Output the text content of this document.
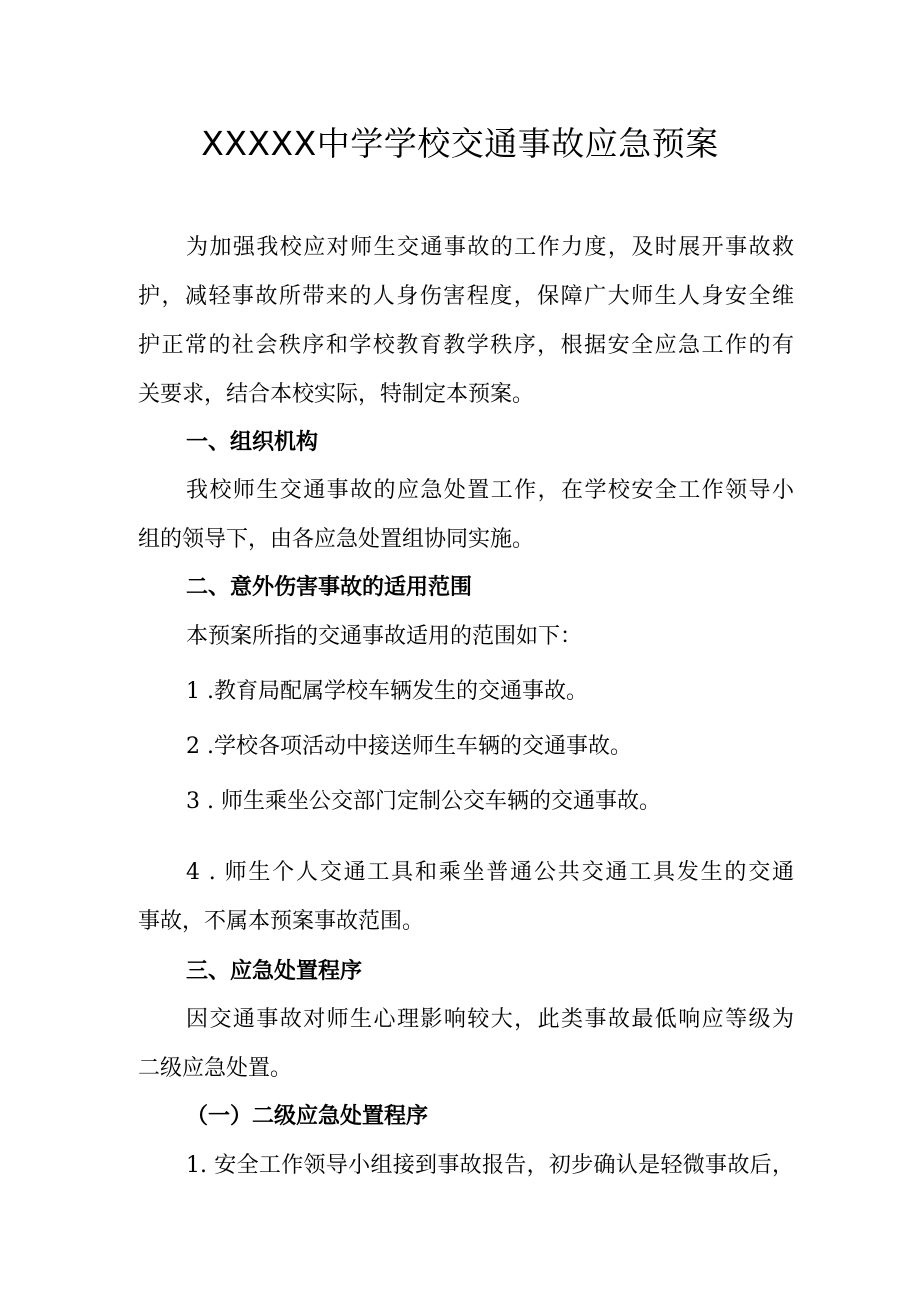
XXXXX中学学校交通事故应急预案
为加强我校应对师生交通事故的工作力度，及时展开事故救
护，减轻事故所带来的人身伤害程度，保障广大师生人身安全维
护正常的社会秩序和学校教育教学秩序，根据安全应急工作的有
关要求，结合本校实际，特制定本预案。
一、组织机构
我校师生交通事故的应急处置工作，在学校安全工作领导小
组的领导下，由各应急处置组协同实施。
二、意外伤害事故的适用范围
本预案所指的交通事故适用的范围如下：
1 .教育局配属学校车辆发生的交通事故。
2 .学校各项活动中接送师生车辆的交通事故。
3 . 师生乘坐公交部门定制公交车辆的交通事故。
4 . 师生个人交通工具和乘坐普通公共交通工具发生的交通
事故，不属本预案事故范围。
三、应急处置程序
因交通事故对师生心理影响较大，此类事故最低响应等级为
二级应急处置。
（一）二级应急处置程序
1. 安全工作领导小组接到事故报告，初步确认是轻微事故后，
